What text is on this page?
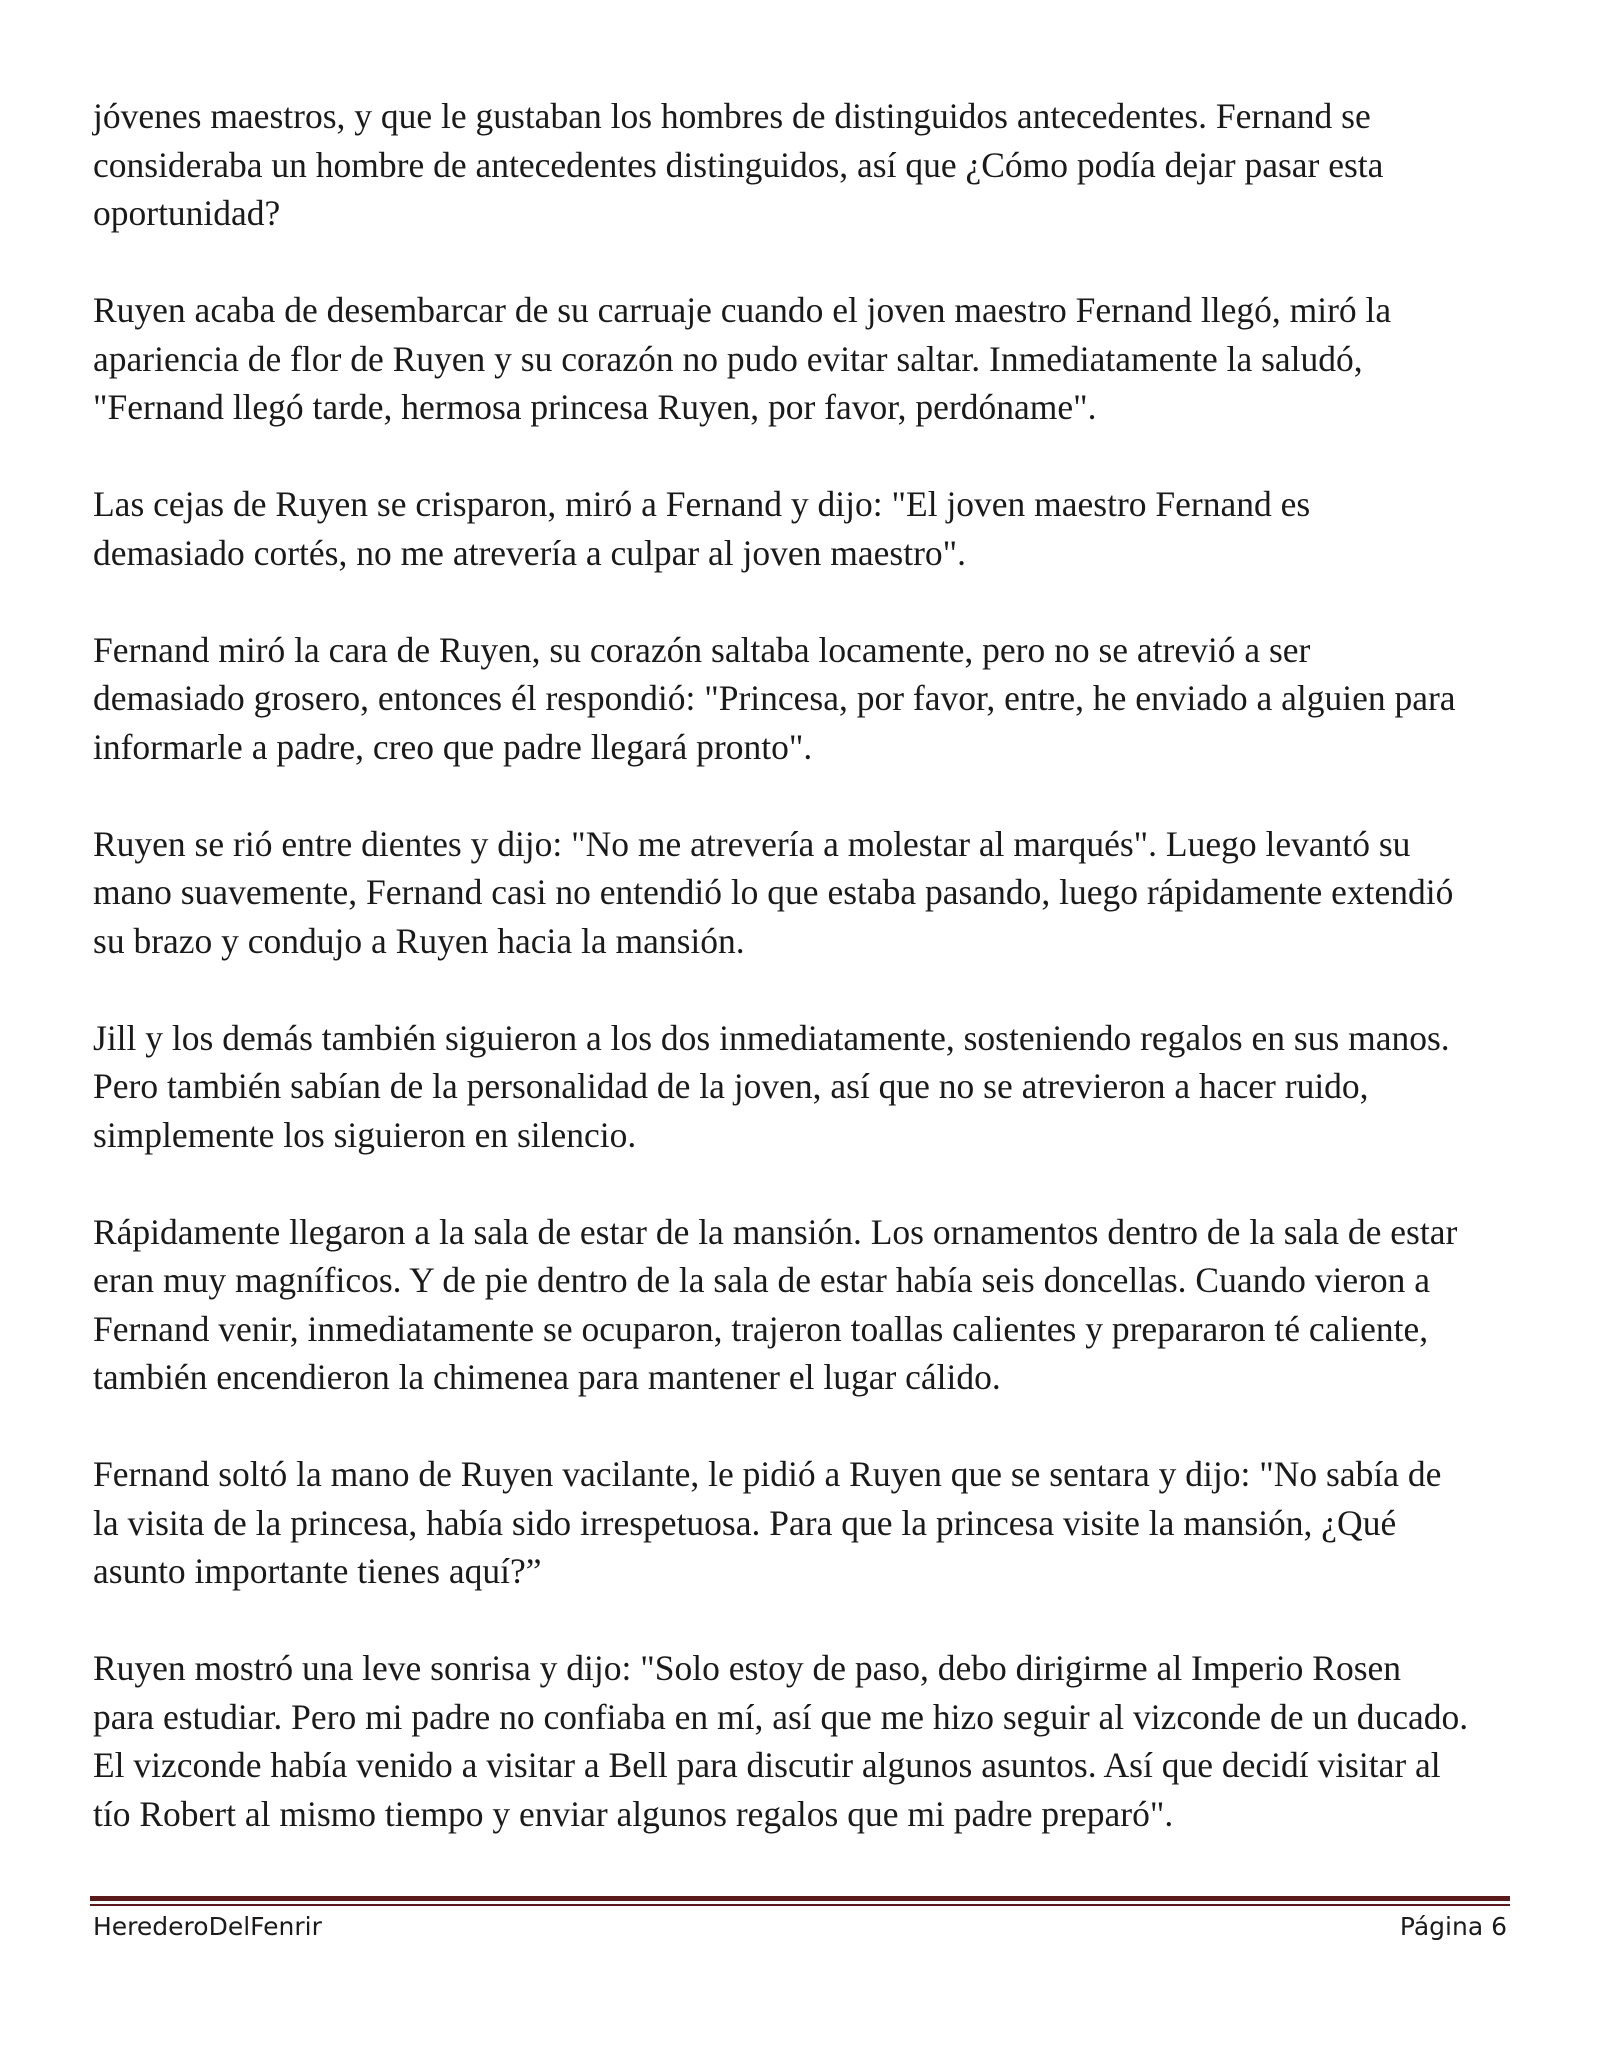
jóvenes maestros, y que le gustaban los hombres de distinguidos antecedentes. Fernand se
consideraba un hombre de antecedentes distinguidos, así que ¿Cómo podía dejar pasar esta
oportunidad?

Ruyen acaba de desembarcar de su carruaje cuando el joven maestro Fernand llegó, miró la
apariencia de flor de Ruyen y su corazón no pudo evitar saltar. Inmediatamente la saludó,
"Fernand llegó tarde, hermosa princesa Ruyen, por favor, perdóname".

Las cejas de Ruyen se crisparon, miró a Fernand y dijo: "El joven maestro Fernand es
demasiado cortés, no me atrevería a culpar al joven maestro".

Fernand miró la cara de Ruyen, su corazón saltaba locamente, pero no se atrevió a ser
demasiado grosero, entonces él respondió: "Princesa, por favor, entre, he enviado a alguien para
informarle a padre, creo que padre llegará pronto".

Ruyen se rió entre dientes y dijo: "No me atrevería a molestar al marqués". Luego levantó su
mano suavemente, Fernand casi no entendió lo que estaba pasando, luego rápidamente extendió
su brazo y condujo a Ruyen hacia la mansión.

Jill y los demás también siguieron a los dos inmediatamente, sosteniendo regalos en sus manos.
Pero también sabían de la personalidad de la joven, así que no se atrevieron a hacer ruido,
simplemente los siguieron en silencio.

Rápidamente llegaron a la sala de estar de la mansión. Los ornamentos dentro de la sala de estar
eran muy magníficos. Y de pie dentro de la sala de estar había seis doncellas. Cuando vieron a
Fernand venir, inmediatamente se ocuparon, trajeron toallas calientes y prepararon té caliente,
también encendieron la chimenea para mantener el lugar cálido.

Fernand soltó la mano de Ruyen vacilante, le pidió a Ruyen que se sentara y dijo: "No sabía de
la visita de la princesa, había sido irrespetuosa. Para que la princesa visite la mansión, ¿Qué
asunto importante tienes aquí?”

Ruyen mostró una leve sonrisa y dijo: "Solo estoy de paso, debo dirigirme al Imperio Rosen
para estudiar. Pero mi padre no confiaba en mí, así que me hizo seguir al vizconde de un ducado.
El vizconde había venido a visitar a Bell para discutir algunos asuntos. Así que decidí visitar al
tío Robert al mismo tiempo y enviar algunos regalos que mi padre preparó".

HerederoDelFenrir	Página 6
